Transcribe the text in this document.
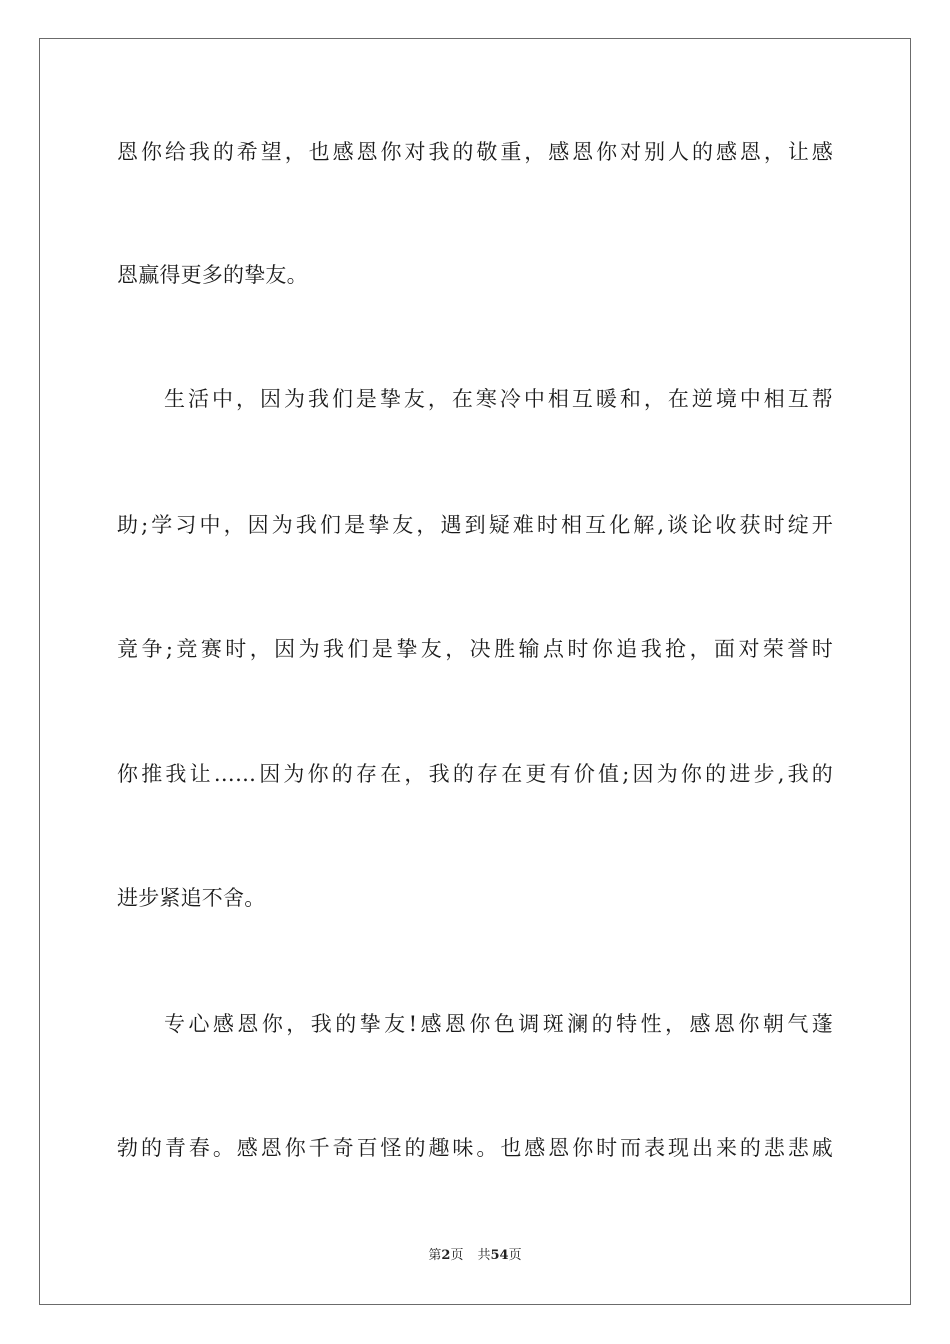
恩你给我的希望，也感恩你对我的敬重，感恩你对别人的感恩，让感
恩赢得更多的挚友。
生活中，因为我们是挚友，在寒冷中相互暖和，在逆境中相互帮
助;学习中，因为我们是挚友，遇到疑难时相互化解,谈论收获时绽开
竟争;竞赛时，因为我们是挚友，决胜输点时你追我抢，面对荣誉时
你推我让……因为你的存在，我的存在更有价值;因为你的进步,我的
进步紧追不舍。
专心感恩你，我的挚友!感恩你色调斑澜的特性，感恩你朝气蓬
勃的青春。感恩你千奇百怪的趣味。也感恩你时而表现出来的悲悲戚
第2页 共54页
